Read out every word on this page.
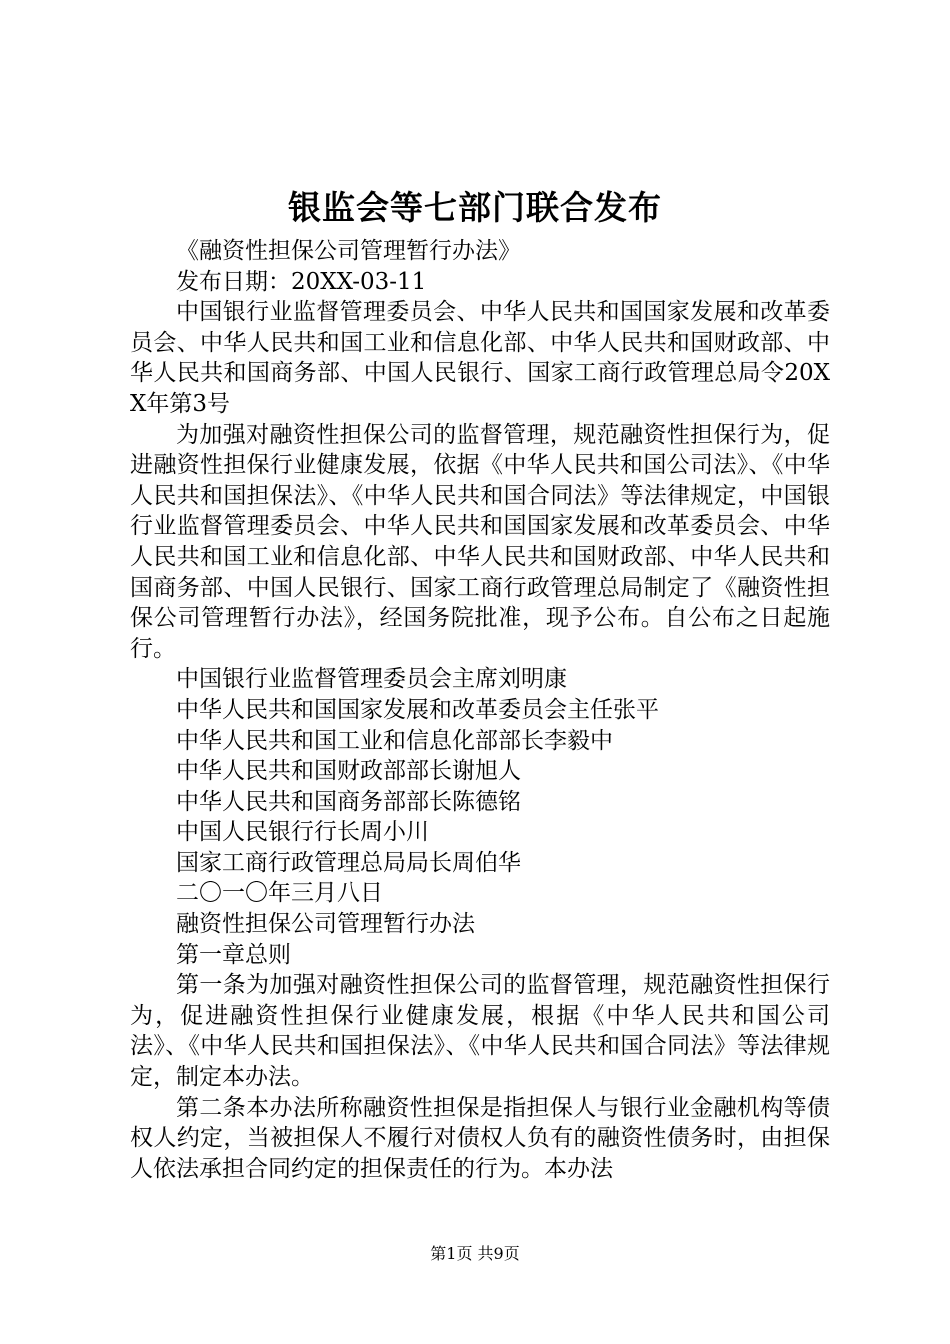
银监会等七部门联合发布

《融资性担保公司管理暂行办法》

发布日期：20XX-03-11

中国银行业监督管理委员会、中华人民共和国国家发展和改革委员会、中华人民共和国工业和信息化部、中华人民共和国财政部、中华人民共和国商务部、中国人民银行、国家工商行政管理总局令20XX年第3号

为加强对融资性担保公司的监督管理，规范融资性担保行为，促进融资性担保行业健康发展，依据《中华人民共和国公司法》、《中华人民共和国担保法》、《中华人民共和国合同法》等法律规定，中国银行业监督管理委员会、中华人民共和国国家发展和改革委员会、中华人民共和国工业和信息化部、中华人民共和国财政部、中华人民共和国商务部、中国人民银行、国家工商行政管理总局制定了《融资性担保公司管理暂行办法》，经国务院批准，现予公布。自公布之日起施行。

中国银行业监督管理委员会主席刘明康

中华人民共和国国家发展和改革委员会主任张平

中华人民共和国工业和信息化部部长李毅中

中华人民共和国财政部部长谢旭人

中华人民共和国商务部部长陈德铭

中国人民银行行长周小川

国家工商行政管理总局局长周伯华

二〇一〇年三月八日

融资性担保公司管理暂行办法

第一章总则

第一条为加强对融资性担保公司的监督管理，规范融资性担保行为，促进融资性担保行业健康发展，根据《中华人民共和国公司法》、《中华人民共和国担保法》、《中华人民共和国合同法》等法律规定，制定本办法。

第二条本办法所称融资性担保是指担保人与银行业金融机构等债权人约定，当被担保人不履行对债权人负有的融资性债务时，由担保人依法承担合同约定的担保责任的行为。本办法

第1页 共9页
